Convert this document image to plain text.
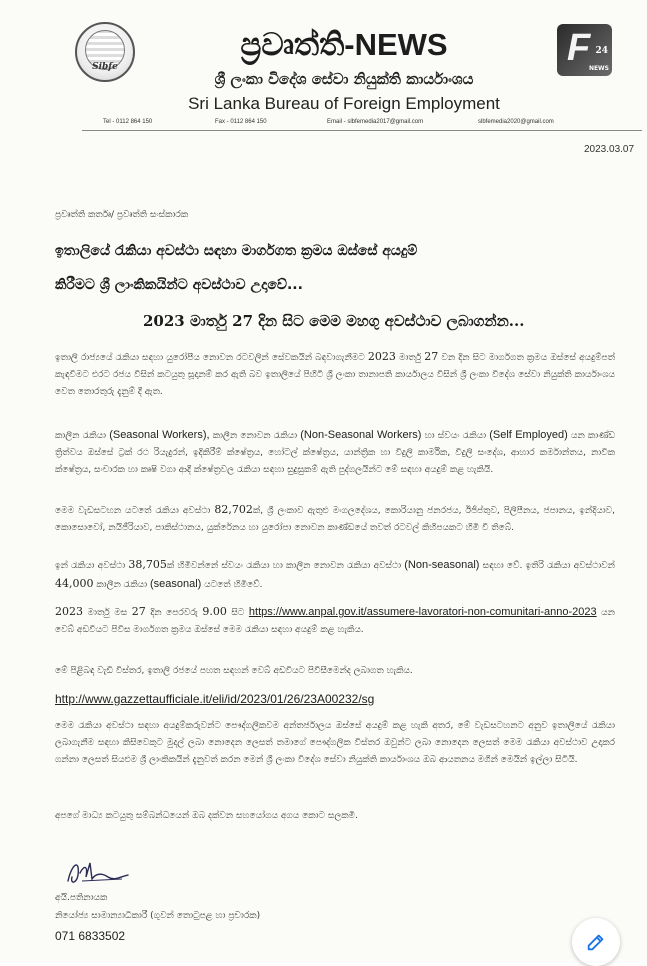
Sibfe
ප්‍රවෘත්ති-NEWS
ශ්‍රී ලංකා විදේශ සේවා නියුක්ති කාර්යාංශය
Sri Lanka Bureau of Foreign Employment
F 24
NEWS
Tel - 0112 864 150	Fax - 0112 864 150	Email - slbfemedia2017@gmail.com	slbfemedia2020@gmail.com
2023.03.07
ප්‍රවෘත්ති කර්තෘ/ ප්‍රවෘත්ති සංස්කාරක
ඉතාලියේ රැකියා අවස්ථා සඳහා මාර්ගගත ක්‍රමය ඔස්සේ අයදුම්
කිරීමට ශ්‍රී ලාංකිකයින්ට අවස්ථාව උදාවේ...
2023 මාර්තු 27 දින සිට මෙම මහගු අවස්ථාව ලබාගන්න...
ඉතාලි රාජ්‍යයේ රැකියා සඳහා යුරෝපීය නොවන රටවලින් සේවකයින් බඳවාගැනීමට 2023 මාර්තු 27 වන දින සිට මාර්ගගත ක්‍රමය ඔස්සේ අයදුම්පත් කැඳවීමට එරට රජය විසින් කටයුතු සූදානම් කර ඇති බව ඉතාලියේ පිහිටි ශ්‍රී ලංකා තානාපති කාර්යාලය විසින් ශ්‍රී ලංකා විදේශ සේවා නියුක්ති කාර්යාංශය වෙත තොරතුරු දැනුම් දී ඇත.
කාලීන රැකියා (Seasonal Workers), කාලීන නොවන රැකියා (Non-Seasonal Workers) හා ස්වයං රැකියා (Self Employed) යන කාණ්ඩ ත්‍රිත්වය ඔස්සේ ට්‍රක් රථ රියැදුරන්, ඉදිකිරීම් ක්ෂේත්‍රය, හෝටල් ක්ෂේත්‍රය, යාන්ත්‍රික හා විදුලි කාර්මික, විදුලි සංදේශ, ආහාර කර්මාන්තය, නාවික ක්ෂේත්‍රය, සංචාරක හා කෘෂි වගා ආදී ක්ෂේත්‍රවල රැකියා සඳහා සුදුසුකම් ඇති පුද්ගලයින්ට මේ සඳහා අයදුම් කළ හැකියි.
මෙම වැඩසටහන යටතේ රැකියා අවස්ථා 82,702ක්, ශ්‍රී ලංකාව ඇතුළු මංගලදේශය, කොරියානු ජනරජය, ඊජිප්තුව, පිලිපීනය, ජපානය, ඉන්දියාව, කොසොවෝ, නයිජීරියාව, පාකිස්ථානය, යුක්රේනය හා යුරෝපා නොවන කාණ්ඩයේ තවත් රටවල් කිහිපයකට හිමි වී තිබේ.
ඉන් රැකියා අවස්ථා 38,705ක් හිමිවන්නේ ස්වයං රැකියා හා කාලීන නොවන රැකියා අවස්ථා (Non-seasonal) සඳහා වේ. ඉතිරි රැකියා අවස්ථාවන් 44,000 කාලීන රැකියා (seasonal) යටතේ හිමිවේ.
2023 මාර්තු මස 27 දින පෙරවරු 9.00 සිට https://www.anpal.gov.it/assumere-lavoratori-non-comunitari-anno-2023 යන වෙබ් අඩවියට පිවිස මාර්ගගත ක්‍රමය ඔස්සේ මෙම රැකියා සඳහා අයදුම් කළ හැකිය.
මේ පිළිබඳ වැඩි විස්තර, ඉතාලි රජයේ පහත සඳහන් වෙබ් අඩවියට පිවිසීමෙන්ද ලබාගත හැකිය.
http://www.gazzettaufficiale.it/eli/id/2023/01/26/23A00232/sg
මෙම රැකියා අවස්ථා සඳහා අයදුම්කරුවන්ට පෞද්ගලිකවම අන්තර්ජාලය ඔස්සේ අයදුම් කළ හැකි අතර, මේ වැඩසටහනට අනුව ඉතාලියේ රැකියා ලබාගැනීම සඳහා කිසිවෙකුට මුදල් ලබා නොදෙන ලෙසත් තමාගේ පෞද්ගලික විස්තර ඔවුන්ට ලබා නොදෙන ලෙසත් මෙම රැකියා අවස්ථාව උදාකර ගන්නා ලෙසත් සියළුම ශ්‍රී ලාංකිකයින් දැනුවත් කරන මෙන් ශ්‍රී ලංකා විදේශ සේවා නියුක්ති කාර්යාංශය ඔබ ආයතනය මගින් මෙයින් ඉල්ලා සිටියි.
අපගේ මාධ්‍ය කටයුතු සම්බන්ධයෙන් ඔබ දක්වන සහයෝගය අගය කොට සලකමි.
අයි.පතිනායක
නියෝජ්‍ය සාමාන්‍යාධිකාරී (ගුවන් තොටුපළ හා ප්‍රචාරක)
071 6833502
